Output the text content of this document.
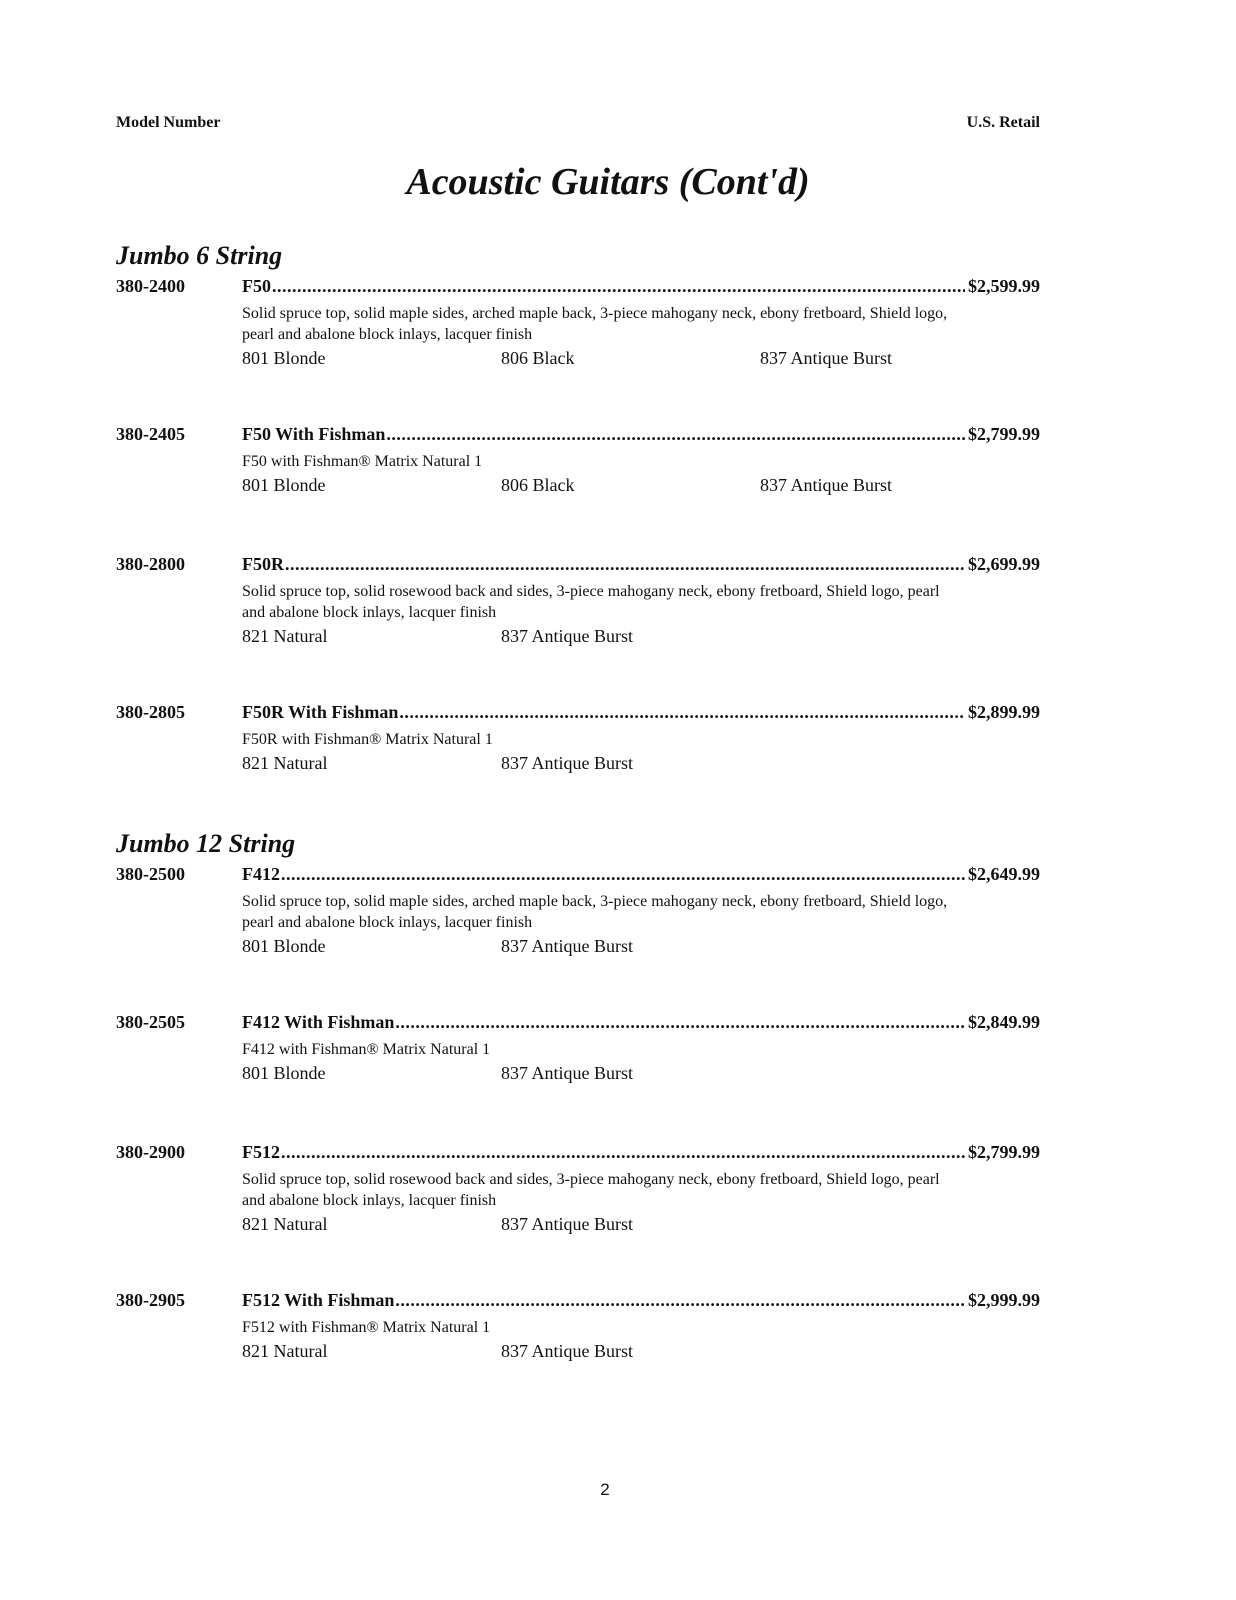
Model Number	U.S. Retail
Acoustic Guitars (Cont'd)
Jumbo 6 String
380-2400	F50 . . .	$2,599.99
Solid spruce top, solid maple sides, arched maple back, 3-piece mahogany neck, ebony fretboard, Shield logo, pearl and abalone block inlays, lacquer finish
801 Blonde	806 Black	837 Antique Burst
380-2405	F50 With Fishman . . .	$2,799.99
F50 with Fishman® Matrix Natural 1
801 Blonde	806 Black	837 Antique Burst
380-2800	F50R . . .	$2,699.99
Solid spruce top, solid rosewood back and sides, 3-piece mahogany neck, ebony fretboard, Shield logo, pearl and abalone block inlays, lacquer finish
821 Natural	837 Antique Burst
380-2805	F50R With Fishman . . .	$2,899.99
F50R with Fishman® Matrix Natural 1
821 Natural	837 Antique Burst
Jumbo 12 String
380-2500	F412 . . .	$2,649.99
Solid spruce top, solid maple sides, arched maple back, 3-piece mahogany neck, ebony fretboard, Shield logo, pearl and abalone block inlays, lacquer finish
801 Blonde	837 Antique Burst
380-2505	F412 With Fishman . . .	$2,849.99
F412 with Fishman® Matrix Natural 1
801 Blonde	837 Antique Burst
380-2900	F512 . . .	$2,799.99
Solid spruce top, solid rosewood back and sides, 3-piece mahogany neck, ebony fretboard, Shield logo, pearl and abalone block inlays, lacquer finish
821 Natural	837 Antique Burst
380-2905	F512 With Fishman . . .	$2,999.99
F512 with Fishman® Matrix Natural 1
821 Natural	837 Antique Burst
2
